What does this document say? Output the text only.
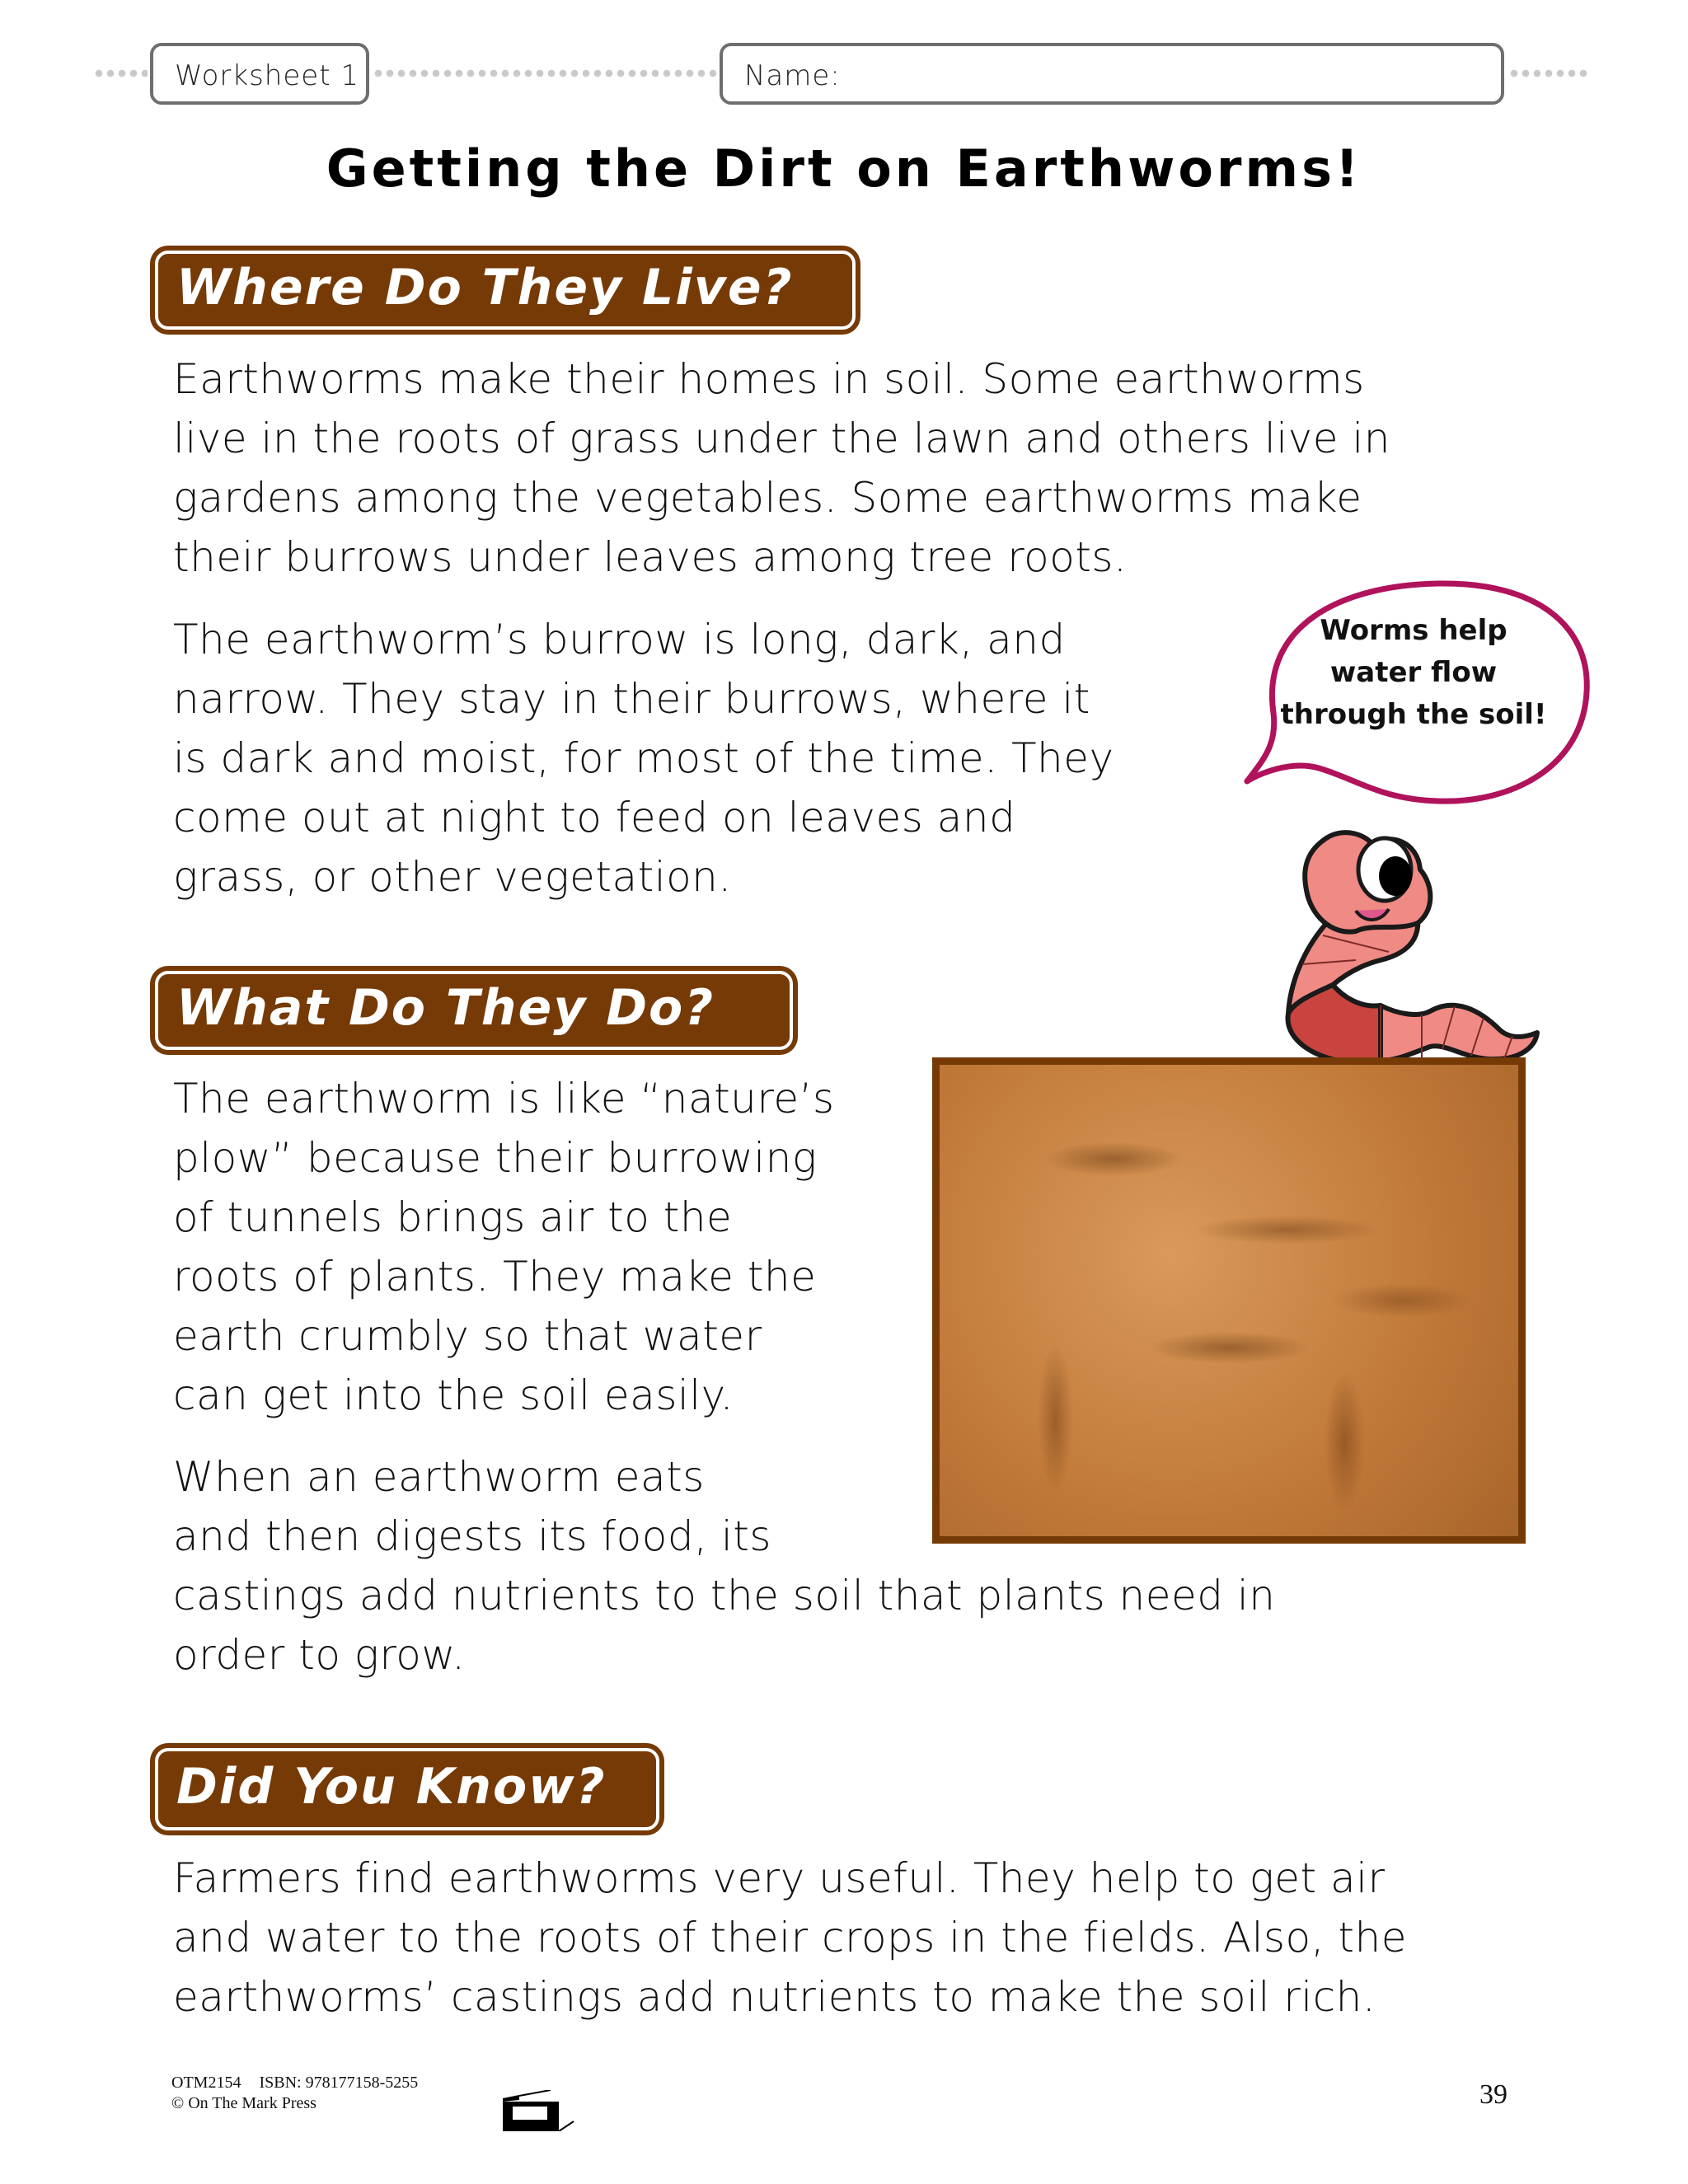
Worksheet 1	Name:
Getting the Dirt on Earthworms!
Where Do They Live?
Earthworms make their homes in soil. Some earthworms
live in the roots of grass under the lawn and others live in
gardens among the vegetables. Some earthworms make
their burrows under leaves among tree roots.
The earthworm’s burrow is long, dark, and
narrow. They stay in their burrows, where it
is dark and moist, for most of the time. They
come out at night to feed on leaves and
grass, or other vegetation.
Worms help
water flow
through the soil!
What Do They Do?
The earthworm is like “nature’s
plow” because their burrowing
of tunnels brings air to the
roots of plants. They make the
earth crumbly so that water
can get into the soil easily.
When an earthworm eats
and then digests its food, its
castings add nutrients to the soil that plants need in
order to grow.
Did You Know?
Farmers find earthworms very useful. They help to get air
and water to the roots of their crops in the fields. Also, the
earthworms’ castings add nutrients to make the soil rich.
OTM2154 ISBN: 978177158-5255
© On The Mark Press	39
